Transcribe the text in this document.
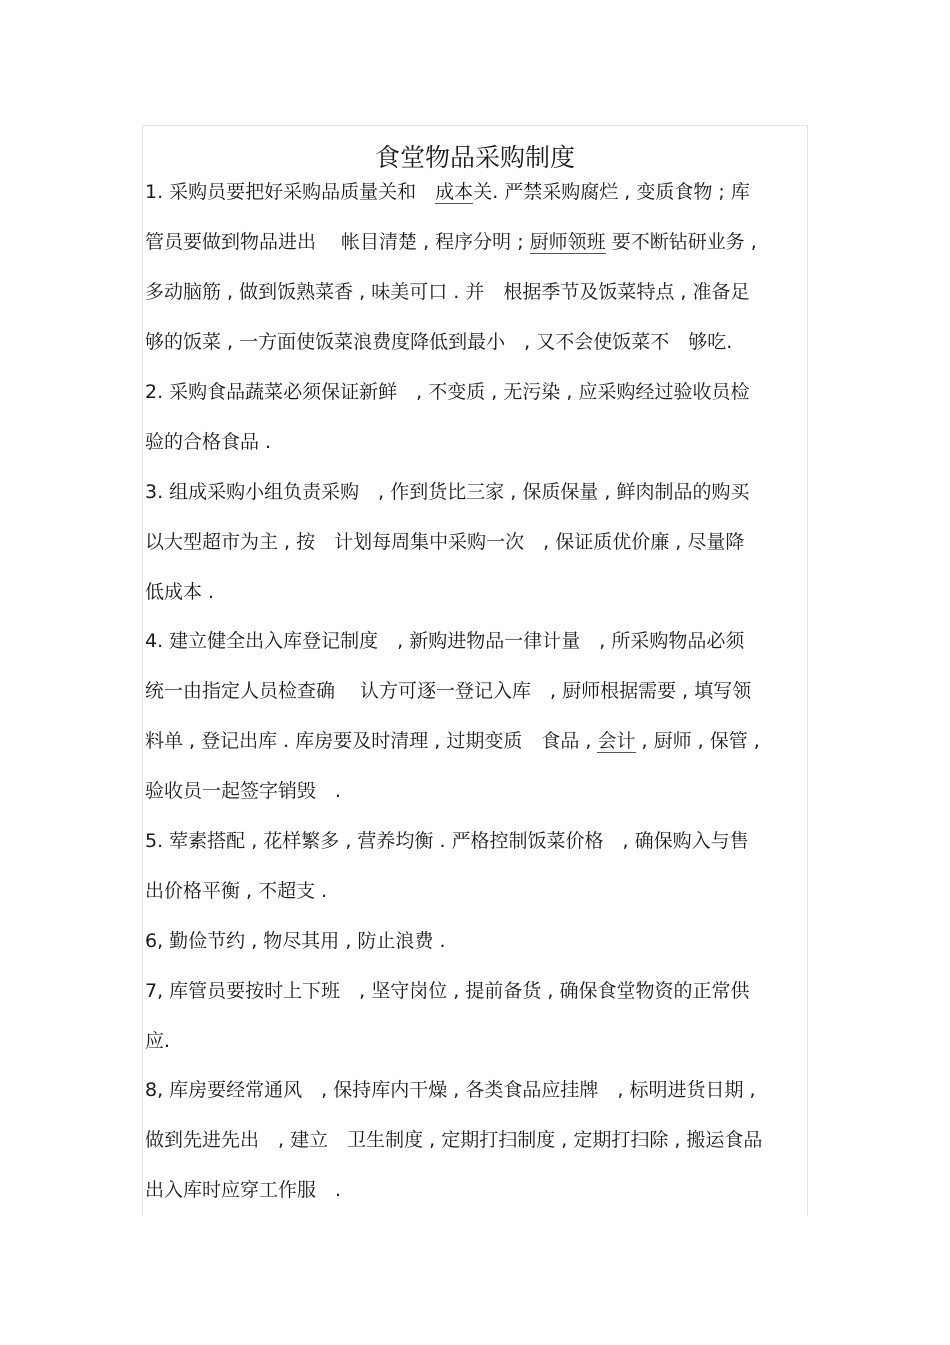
食堂物品采购制度
1. 采购员要把好采购品质量关和　成本关. 严禁采购腐烂 , 变质食物 ; 库
管员要做到物品进出　 帐目清楚 , 程序分明 ; 厨师领班 要不断钻研业务 ,
多动脑筋 , 做到饭熟菜香 , 味美可口 . 并　根据季节及饭菜特点 , 准备足
够的饭菜 , 一方面使饭菜浪费度降低到最小　, 又不会使饭菜不　够吃.
2. 采购食品蔬菜必须保证新鲜　, 不变质 , 无污染 , 应采购经过验收员检
验的合格食品 .
3. 组成采购小组负责采购　, 作到货比三家 , 保质保量 , 鲜肉制品的购买
以大型超市为主 , 按　计划每周集中采购一次　, 保证质优价廉 , 尽量降
低成本 .
4. 建立健全出入库登记制度　, 新购进物品一律计量　, 所采购物品必须
统一由指定人员检查确　 认方可逐一登记入库　, 厨师根据需要 , 填写领
料单 , 登记出库 . 库房要及时清理 , 过期变质　食品 , 会计 , 厨师 , 保管 ,
验收员一起签字销毁　.
5. 荤素搭配 , 花样繁多 , 营养均衡 . 严格控制饭菜价格　, 确保购入与售
出价格平衡 , 不超支 .
6, 勤俭节约 , 物尽其用 , 防止浪费 .
7, 库管员要按时上下班　, 坚守岗位 , 提前备货 , 确保食堂物资的正常供
应.
8, 库房要经常通风　, 保持库内干燥 , 各类食品应挂牌　, 标明进货日期 ,
做到先进先出　, 建立　卫生制度 , 定期打扫制度 , 定期打扫除 , 搬运食品
出入库时应穿工作服　.
